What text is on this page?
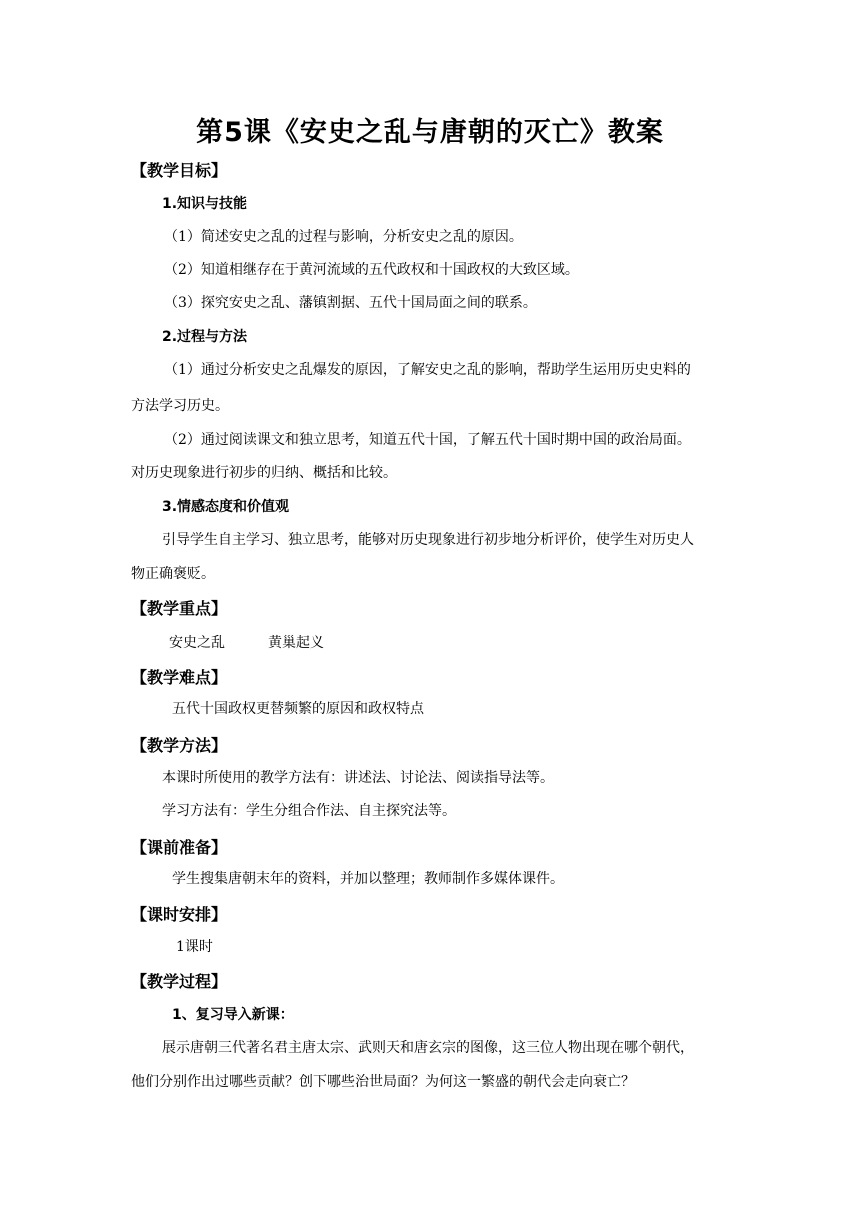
第5课《安史之乱与唐朝的灭亡》教案
【教学目标】
1.知识与技能
（1）简述安史之乱的过程与影响，分析安史之乱的原因。
（2）知道相继存在于黄河流域的五代政权和十国政权的大致区域。
（3）探究安史之乱、藩镇割据、五代十国局面之间的联系。
2.过程与方法
（1）通过分析安史之乱爆发的原因，了解安史之乱的影响，帮助学生运用历史史料的
方法学习历史。
（2）通过阅读课文和独立思考，知道五代十国，了解五代十国时期中国的政治局面。
对历史现象进行初步的归纳、概括和比较。
3.情感态度和价值观
引导学生自主学习、独立思考，能够对历史现象进行初步地分析评价，使学生对历史人
物正确褒贬。
【教学重点】
安史之乱	黄巢起义
【教学难点】
五代十国政权更替频繁的原因和政权特点
【教学方法】
本课时所使用的教学方法有：讲述法、讨论法、阅读指导法等。
学习方法有：学生分组合作法、自主探究法等。
【课前准备】
学生搜集唐朝末年的资料，并加以整理；教师制作多媒体课件。
【课时安排】
1课时
【教学过程】
1、复习导入新课：
展示唐朝三代著名君主唐太宗、武则天和唐玄宗的图像，这三位人物出现在哪个朝代，
他们分别作出过哪些贡献？创下哪些治世局面？为何这一繁盛的朝代会走向衰亡？
